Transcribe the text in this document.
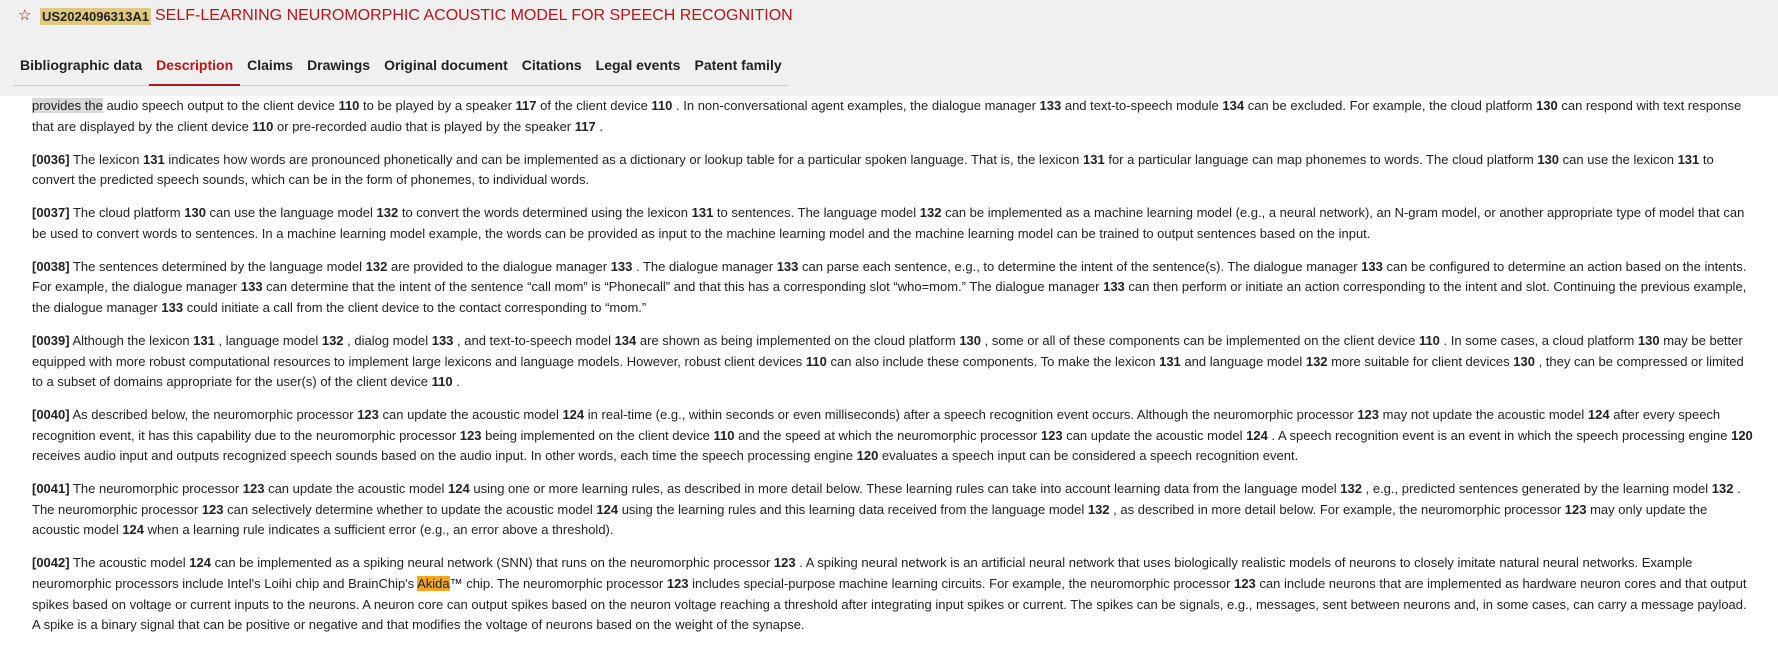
☆ US2024096313A1 SELF-LEARNING NEUROMORPHIC ACOUSTIC MODEL FOR SPEECH RECOGNITION
Bibliographic data	Description	Claims	Drawings	Original document	Citations	Legal events	Patent family
provides the audio speech output to the client device 110 to be played by a speaker 117 of the client device 110 . In non-conversational agent examples, the dialogue manager 133 and text-to-speech module 134 can be excluded. For example, the cloud platform 130 can respond with text response that are displayed by the client device 110 or pre-recorded audio that is played by the speaker 117 .
[0036] The lexicon 131 indicates how words are pronounced phonetically and can be implemented as a dictionary or lookup table for a particular spoken language. That is, the lexicon 131 for a particular language can map phonemes to words. The cloud platform 130 can use the lexicon 131 to convert the predicted speech sounds, which can be in the form of phonemes, to individual words.
[0037] The cloud platform 130 can use the language model 132 to convert the words determined using the lexicon 131 to sentences. The language model 132 can be implemented as a machine learning model (e.g., a neural network), an N-gram model, or another appropriate type of model that can be used to convert words to sentences. In a machine learning model example, the words can be provided as input to the machine learning model and the machine learning model can be trained to output sentences based on the input.
[0038] The sentences determined by the language model 132 are provided to the dialogue manager 133 . The dialogue manager 133 can parse each sentence, e.g., to determine the intent of the sentence(s). The dialogue manager 133 can be configured to determine an action based on the intents. For example, the dialogue manager 133 can determine that the intent of the sentence “call mom” is “Phonecall” and that this has a corresponding slot “who=mom.” The dialogue manager 133 can then perform or initiate an action corresponding to the intent and slot. Continuing the previous example, the dialogue manager 133 could initiate a call from the client device to the contact corresponding to “mom.”
[0039] Although the lexicon 131 , language model 132 , dialog model 133 , and text-to-speech model 134 are shown as being implemented on the cloud platform 130 , some or all of these components can be implemented on the client device 110 . In some cases, a cloud platform 130 may be better equipped with more robust computational resources to implement large lexicons and language models. However, robust client devices 110 can also include these components. To make the lexicon 131 and language model 132 more suitable for client devices 130 , they can be compressed or limited to a subset of domains appropriate for the user(s) of the client device 110 .
[0040] As described below, the neuromorphic processor 123 can update the acoustic model 124 in real-time (e.g., within seconds or even milliseconds) after a speech recognition event occurs. Although the neuromorphic processor 123 may not update the acoustic model 124 after every speech recognition event, it has this capability due to the neuromorphic processor 123 being implemented on the client device 110 and the speed at which the neuromorphic processor 123 can update the acoustic model 124 . A speech recognition event is an event in which the speech processing engine 120 receives audio input and outputs recognized speech sounds based on the audio input. In other words, each time the speech processing engine 120 evaluates a speech input can be considered a speech recognition event.
[0041] The neuromorphic processor 123 can update the acoustic model 124 using one or more learning rules, as described in more detail below. These learning rules can take into account learning data from the language model 132 , e.g., predicted sentences generated by the learning model 132 . The neuromorphic processor 123 can selectively determine whether to update the acoustic model 124 using the learning rules and this learning data received from the language model 132 , as described in more detail below. For example, the neuromorphic processor 123 may only update the acoustic model 124 when a learning rule indicates a sufficient error (e.g., an error above a threshold).
[0042] The acoustic model 124 can be implemented as a spiking neural network (SNN) that runs on the neuromorphic processor 123 . A spiking neural network is an artificial neural network that uses biologically realistic models of neurons to closely imitate natural neural networks. Example neuromorphic processors include Intel's Loihi chip and BrainChip's Akida™ chip. The neuromorphic processor 123 includes special-purpose machine learning circuits. For example, the neuromorphic processor 123 can include neurons that are implemented as hardware neuron cores and that output spikes based on voltage or current inputs to the neurons. A neuron core can output spikes based on the neuron voltage reaching a threshold after integrating input spikes or current. The spikes can be signals, e.g., messages, sent between neurons and, in some cases, can carry a message payload. A spike is a binary signal that can be positive or negative and that modifies the voltage of neurons based on the weight of the synapse.
